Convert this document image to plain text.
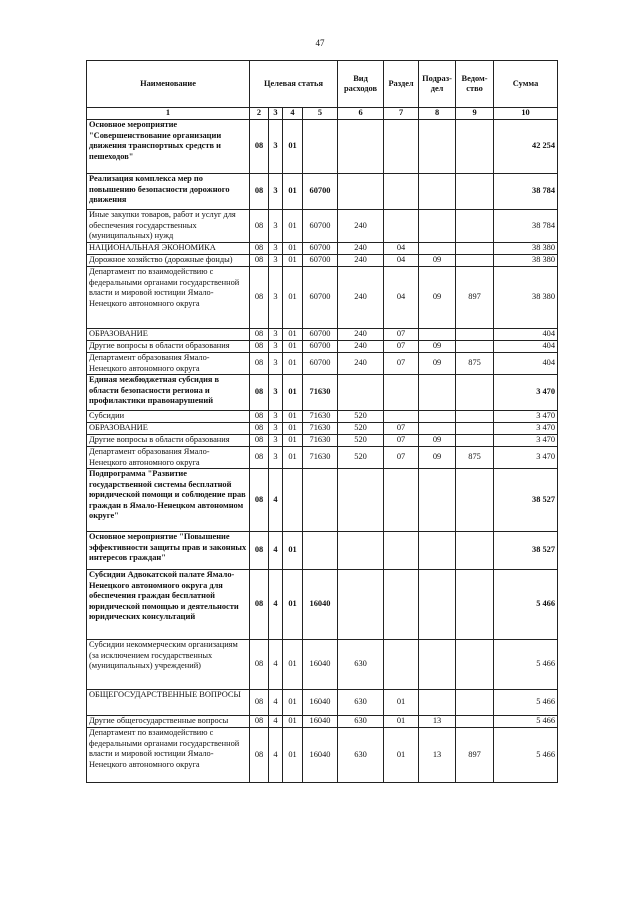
47
Наименование	Целевая статья				Вид расходов	Раздел	Подраз-дел	Ведом-ство	Сумма
1	2	3	4	5	6	7	8	9	10
Основное мероприятие "Совершенствование организации движения транспортных средств и пешеходов"	08	3	01						42 254
Реализация комплекса мер по повышению безопасности дорожного движения	08	3	01	60700					38 784
Иные закупки товаров, работ и услуг для обеспечения государственных (муниципальных) нужд	08	3	01	60700	240				38 784
НАЦИОНАЛЬНАЯ ЭКОНОМИКА	08	3	01	60700	240	04			38 380
Дорожное хозяйство (дорожные фонды)	08	3	01	60700	240	04	09		38 380
Департамент по взаимодействию с федеральными органами государственной власти и мировой юстиции Ямало-Ненецкого автономного округа	08	3	01	60700	240	04	09	897	38 380
ОБРАЗОВАНИЕ	08	3	01	60700	240	07			404
Другие вопросы в области образования	08	3	01	60700	240	07	09		404
Департамент образования Ямало-Ненецкого автономного округа	08	3	01	60700	240	07	09	875	404
Единая межбюджетная субсидия в области безопасности региона и профилактики правонарушений	08	3	01	71630					3 470
Субсидии	08	3	01	71630	520				3 470
ОБРАЗОВАНИЕ	08	3	01	71630	520	07			3 470
Другие вопросы в области образования	08	3	01	71630	520	07	09		3 470
Департамент образования Ямало-Ненецкого автономного округа	08	3	01	71630	520	07	09	875	3 470
Подпрограмма "Развитие государственной системы бесплатной юридической помощи и соблюдение прав граждан в Ямало-Ненецком автономном округе"	08	4							38 527
Основное мероприятие "Повышение эффективности защиты прав и законных интересов граждан"	08	4	01						38 527
Субсидии Адвокатской палате Ямало-Ненецкого автономного округа для обеспечения граждан бесплатной юридической помощью и деятельности юридических консультаций	08	4	01	16040					5 466
Субсидии некоммерческим организациям (за исключением государственных (муниципальных) учреждений)	08	4	01	16040	630				5 466
ОБЩЕГОСУДАРСТВЕННЫЕ ВОПРОСЫ	08	4	01	16040	630	01			5 466
Другие общегосударственные вопросы	08	4	01	16040	630	01	13		5 466
Департамент по взаимодействию с федеральными органами государственной власти и мировой юстиции Ямало-Ненецкого автономного округа	08	4	01	16040	630	01	13	897	5 466
